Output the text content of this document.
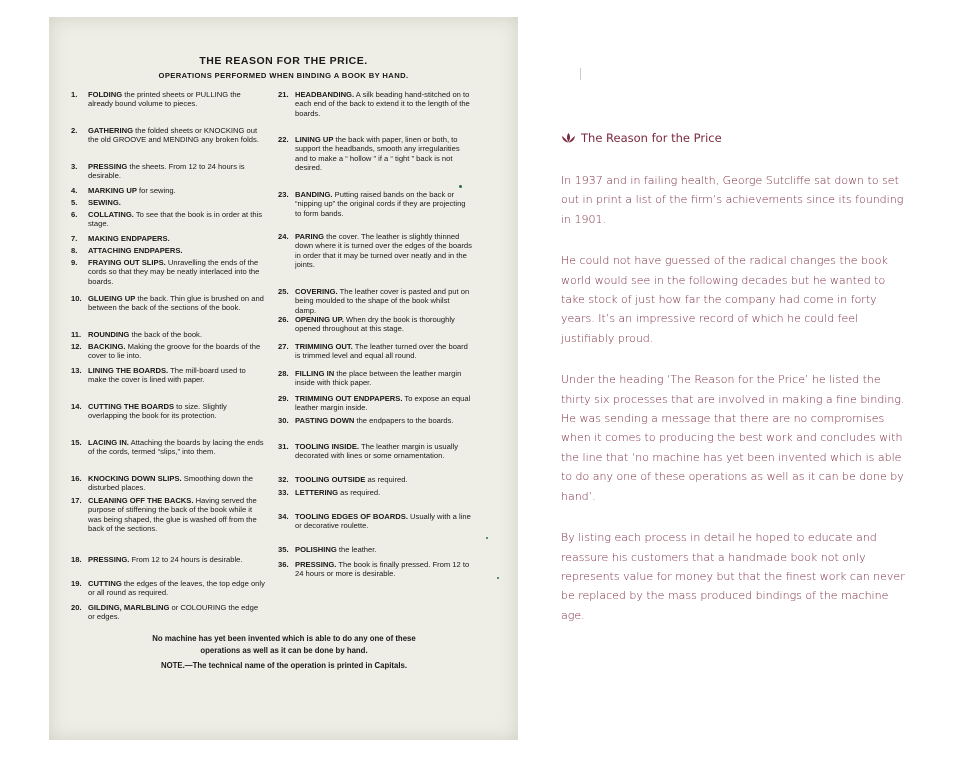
THE REASON FOR THE PRICE.
OPERATIONS PERFORMED WHEN BINDING A BOOK BY HAND.
1.	FOLDING the printed sheets or PULLING the already bound volume to pieces.
2.	GATHERING the folded sheets or KNOCKING out the old GROOVE and MENDING any broken folds.
3.	PRESSING the sheets. From 12 to 24 hours is desirable.
4.	MARKING UP for sewing.
5.	SEWING.
6.	COLLATING. To see that the book is in order at this stage.
7.	MAKING ENDPAPERS.
8.	ATTACHING ENDPAPERS.
9.	FRAYING OUT SLIPS. Unravelling the ends of the cords so that they may be neatly interlaced into the boards.
10. GLUEING UP the back. Thin glue is brushed on and between the back of the sections of the book.
11. ROUNDING the back of the book.
12. BACKING. Making the groove for the boards of the cover to lie into.
13. LINING THE BOARDS. The mill-board used to make the cover is lined with paper.
14. CUTTING THE BOARDS to size. Slightly overlapping the book for its protection.
15. LACING IN. Attaching the boards by lacing the ends of the cords, termed “slips,” into them.
16. KNOCKING DOWN SLIPS. Smoothing down the disturbed places.
17. CLEANING OFF THE BACKS. Having served the purpose of stiffening the back of the book while it was being shaped, the glue is washed off from the back of the sections.
18. PRESSING. From 12 to 24 hours is desirable.
19. CUTTING the edges of the leaves, the top edge only or all round as required.
20. GILDING, MARLBLING or COLOURING the edge or edges.
21. HEADBANDING. A silk beading hand-stitched on to each end of the back to extend it to the length of the boards.
22. LINING UP the back with paper, linen or both, to support the headbands, smooth any irregularities and to make a “ hollow ” if a “ tight ” back is not desired.
23. BANDING. Putting raised bands on the back or “nipping up” the original cords if they are projecting to form bands.
24. PARING the cover. The leather is slightly thinned down where it is turned over the edges of the boards in order that it may be turned over neatly and in the joints.
25. COVERING. The leather cover is pasted and put on being moulded to the shape of the book whilst damp.
26. OPENING UP. When dry the book is thoroughly opened throughout at this stage.
27. TRIMMING OUT. The leather turned over the board is trimmed level and equal all round.
28. FILLING IN the place between the leather margin inside with thick paper.
29. TRIMMING OUT ENDPAPERS. To expose an equal leather margin inside.
30. PASTING DOWN the endpapers to the boards.
31. TOOLING INSIDE. The leather margin is usually decorated with lines or some ornamentation.
32. TOOLING OUTSIDE as required.
33. LETTERING as required.
34. TOOLING EDGES OF BOARDS. Usually with a line or decorative roulette.
35. POLISHING the leather.
36. PRESSING. The book is finally pressed. From 12 to 24 hours or more is desirable.
No machine has yet been invented which is able to do any one of these
operations as well as it can be done by hand.
NOTE.—The technical name of the operation is printed in Capitals.
The Reason for the Price

In 1937 and in failing health, George Sutcliffe sat down to set out in print a list of the firm’s achievements since its founding in 1901.

He could not have guessed of the radical changes the book world would see in the following decades but he wanted to take stock of just how far the company had come in forty years. It’s an impressive record of which he could feel justifiably proud.

Under the heading ‘The Reason for the Price’ he listed the thirty six processes that are involved in making a fine binding. He was sending a message that there are no compromises when it comes to producing the best work and concludes with the line that ‘no machine has yet been invented which is able to do any one of these operations as well as it can be done by hand’.

By listing each process in detail he hoped to educate and reassure his customers that a handmade book not only represents value for money but that the finest work can never be replaced by the mass produced bindings of the machine age.
